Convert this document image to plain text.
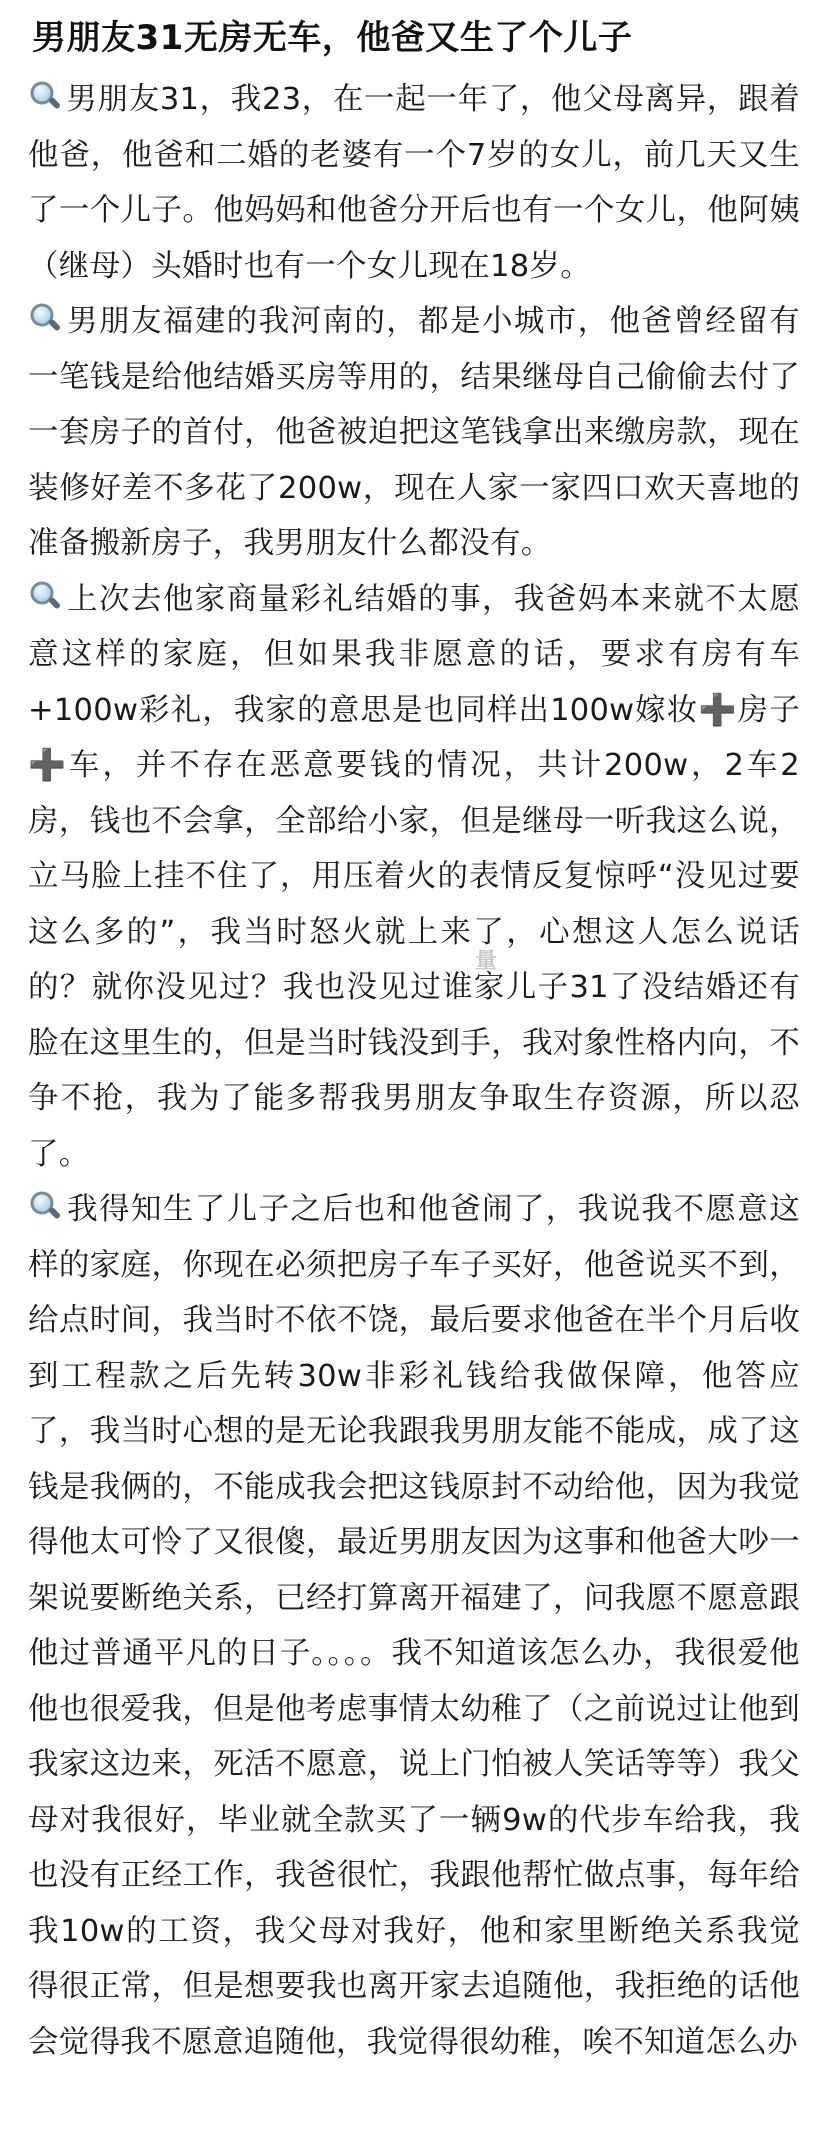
男朋友31无房无车，他爸又生了个儿子

男朋友31，我23，在一起一年了，他父母离异，跟着他爸，他爸和二婚的老婆有一个7岁的女儿，前几天又生了一个儿子。他妈妈和他爸分开后也有一个女儿，他阿姨（继母）头婚时也有一个女儿现在18岁。

男朋友福建的我河南的，都是小城市，他爸曾经留有一笔钱是给他结婚买房等用的，结果继母自己偷偷去付了一套房子的首付，他爸被迫把这笔钱拿出来缴房款，现在装修好差不多花了200w，现在人家一家四口欢天喜地的准备搬新房子，我男朋友什么都没有。

上次去他家商量彩礼结婚的事，我爸妈本来就不太愿意这样的家庭，但如果我非愿意的话，要求有房有车+100w彩礼，我家的意思是也同样出100w嫁妆➕房子➕车，并不存在恶意要钱的情况，共计200w，2车2房，钱也不会拿，全部给小家，但是继母一听我这么说，立马脸上挂不住了，用压着火的表情反复惊呼“没见过要这么多的”，我当时怒火就上来了，心想这人怎么说话的？就你没见过？我也没见过谁家儿子31了没结婚还有脸在这里生的，但是当时钱没到手，我对象性格内向，不争不抢，我为了能多帮我男朋友争取生存资源，所以忍了。

我得知生了儿子之后也和他爸闹了，我说我不愿意这样的家庭，你现在必须把房子车子买好，他爸说买不到，给点时间，我当时不依不饶，最后要求他爸在半个月后收到工程款之后先转30w非彩礼钱给我做保障，他答应了，我当时心想的是无论我跟我男朋友能不能成，成了这钱是我俩的，不能成我会把这钱原封不动给他，因为我觉得他太可怜了又很傻，最近男朋友因为这事和他爸大吵一架说要断绝关系，已经打算离开福建了，问我愿不愿意跟他过普通平凡的日子。。。。我不知道该怎么办，我很爱他他也很爱我，但是他考虑事情太幼稚了（之前说过让他到我家这边来，死活不愿意，说上门怕被人笑话等等）我父母对我很好，毕业就全款买了一辆9w的代步车给我，我也没有正经工作，我爸很忙，我跟他帮忙做点事，每年给我10w的工资，我父母对我好，他和家里断绝关系我觉得很正常，但是想要我也离开家去追随他，我拒绝的话他会觉得我不愿意追随他，我觉得很幼稚，唉不知道怎么办

量
